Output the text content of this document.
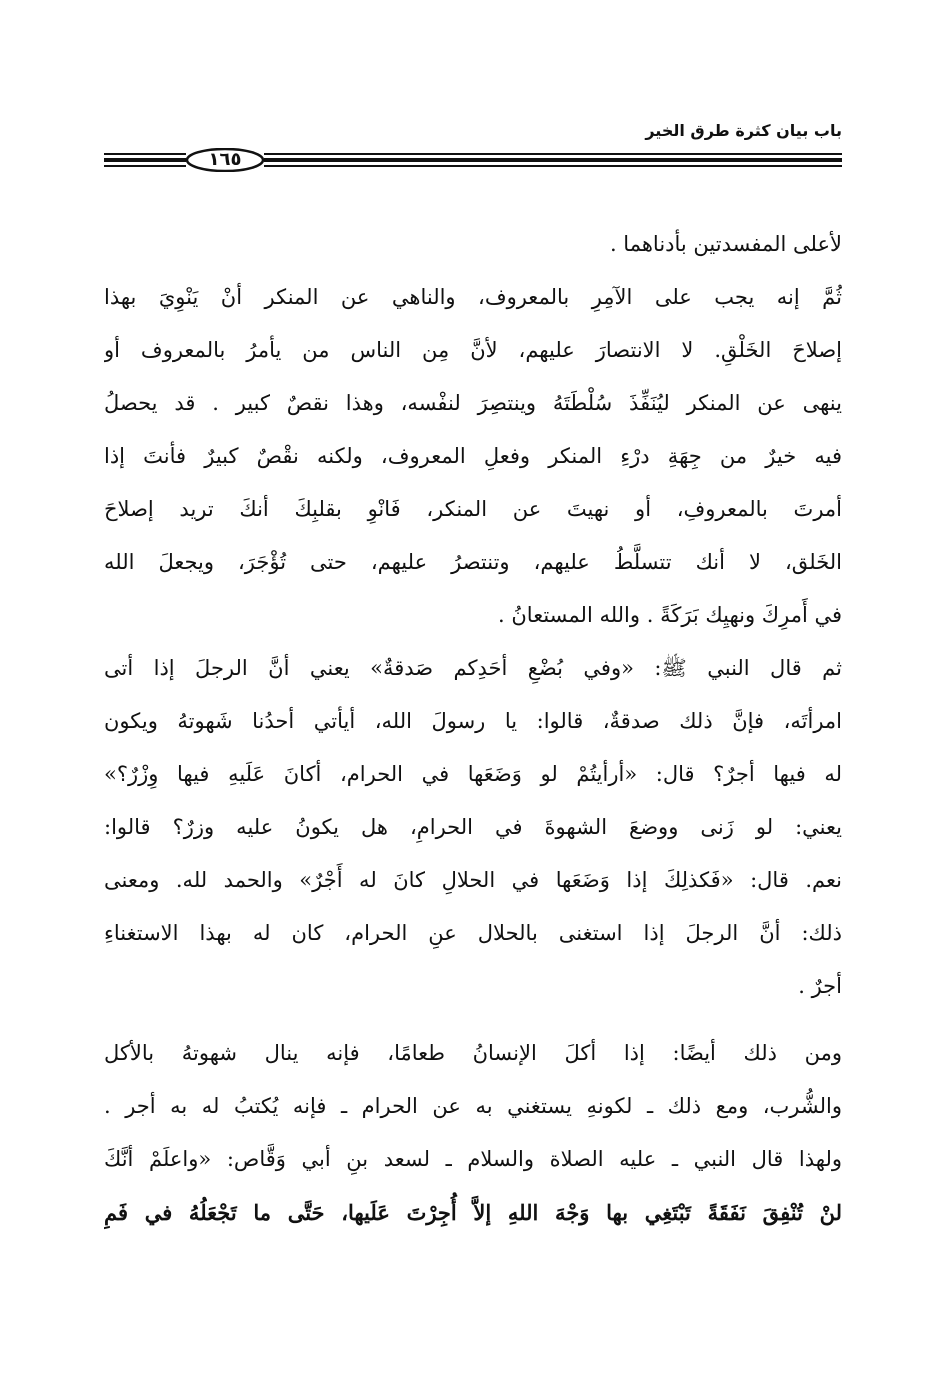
باب بيان كثرة طرق الخير
١٦٥
لأعلى المفسدتين بأدناهما .
ثُمَّ إنه يجب على الآمِرِ بالمعروف، والناهي عن المنكر أنْ يَنْوِيَ بهذا
إصلاحَ الخَلْقِ. لا الانتصارَ عليهم، لأنَّ مِن الناس من يأمرُ بالمعروف أو
ينهى عن المنكر ليُنَفِّذَ سُلْطَتَهُ وينتصِرَ لنفْسه، وهذا نقصٌ كبير . قد يحصلُ
فيه خيرٌ من جِهَةِ درْءِ المنكر وفعلِ المعروف، ولكنه نقْصٌ كبيرٌ فأنتَ إذا
أمرتَ بالمعروفِ، أو نهيتَ عن المنكر، فَانْوِ بقلبِكَ أنكَ تريد إصلاحَ
الخَلق، لا أنك تتسلَّطُ عليهم، وتنتصرُ عليهم، حتى تُؤْجَرَ، ويجعلَ الله
في أَمرِكَ ونهيِك بَرَكَةً . والله المستعانُ .
ثم قال النبي ﷺ: «وفي بُضْعِ أحَدِكم صَدقةٌ» يعني أنَّ الرجلَ إذا أتى
امرأتَه، فإنَّ ذلك صدقةٌ، قالوا: يا رسولَ الله، أيأتي أحدُنا شَهوتهُ ويكون
له فيها أجرٌ؟ قال: «أرأيتُمْ لو وَضَعَها في الحرام، أكانَ عَلَيهِ فيها وِزْرٌ؟»
يعني: لو زَنى ووضعَ الشهوةَ في الحرامِ، هل يكونُ عليه وزرٌ؟ قالوا:
نعم. قال: «فَكذلِكَ إذا وَضَعَها في الحلالِ كانَ له أَجْرٌ» والحمد لله. ومعنى
ذلك: أنَّ الرجلَ إذا استغنى بالحلال عنِ الحرام، كان له بهذا الاستغناءِ
أجرٌ .
ومن ذلك أيضًا: إذا أكلَ الإنسانُ طعامًا، فإنه ينال شهوتهُ بالأكل
والشُّرب، ومع ذلك ـ لكونهِ يستغني به عن الحرام ـ فإنه يُكتبُ له به أجر .
ولهذا قال النبي ـ عليه الصلاة والسلام ـ لسعد بنِ أبي وَقَّاص: «واعلَمْ أنَّكَ
لنْ تُنْفِقَ نَفَقَةً تَبْتَغِي بها وَجْهَ اللهِ إلاَّ أُجِرْتَ عَلَيها، حَتَّى ما تَجْعَلُهُ في فَمِ
